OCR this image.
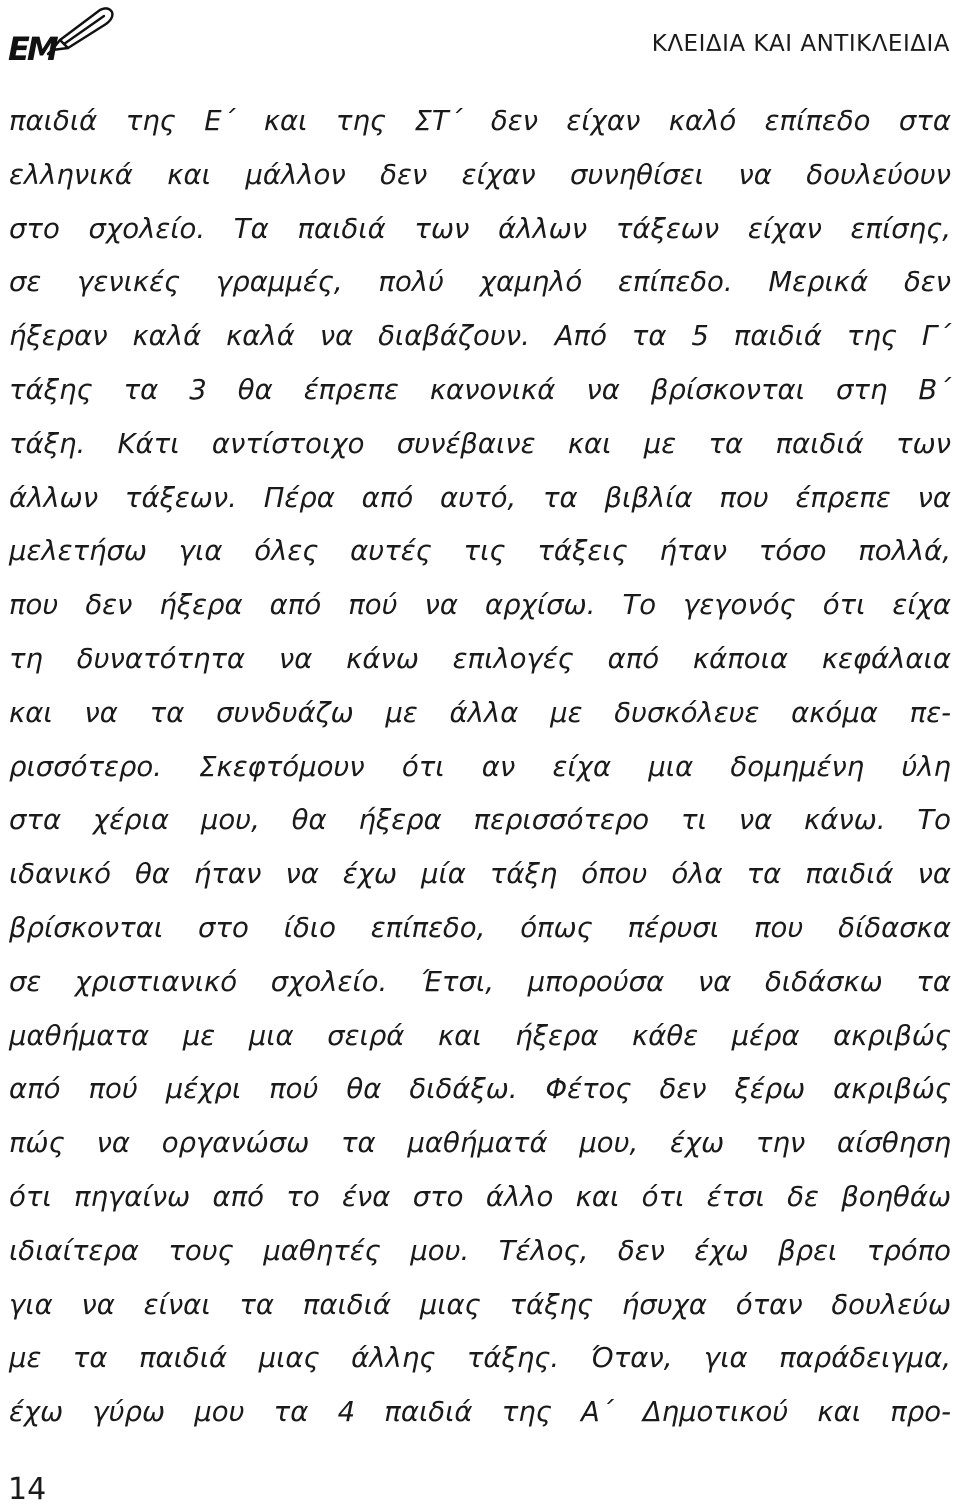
EM	ΚΛΕΙΔΙΑ ΚΑΙ ΑΝΤΙΚΛΕΙΔΙΑ
παιδιά της Ε΄ και της ΣΤ΄ δεν είχαν καλό επίπεδο στα
ελληνικά και μάλλον δεν είχαν συνηθίσει να δουλεύουν
στο σχολείο. Τα παιδιά των άλλων τάξεων είχαν επίσης,
σε γενικές γραμμές, πολύ χαμηλό επίπεδο. Μερικά δεν
ήξεραν καλά καλά να διαβάζουν. Από τα 5 παιδιά της Γ΄
τάξης τα 3 θα έπρεπε κανονικά να βρίσκονται στη Β΄
τάξη. Κάτι αντίστοιχο συνέβαινε και με τα παιδιά των
άλλων τάξεων. Πέρα από αυτό, τα βιβλία που έπρεπε να
μελετήσω για όλες αυτές τις τάξεις ήταν τόσο πολλά,
που δεν ήξερα από πού να αρχίσω. Το γεγονός ότι είχα
τη δυνατότητα να κάνω επιλογές από κάποια κεφάλαια
και να τα συνδυάζω με άλλα με δυσκόλευε ακόμα πε-
ρισσότερο. Σκεφτόμουν ότι αν είχα μια δομημένη ύλη
στα χέρια μου, θα ήξερα περισσότερο τι να κάνω. Το
ιδανικό θα ήταν να έχω μία τάξη όπου όλα τα παιδιά να
βρίσκονται στο ίδιο επίπεδο, όπως πέρυσι που δίδασκα
σε χριστιανικό σχολείο. Έτσι, μπορούσα να διδάσκω τα
μαθήματα με μια σειρά και ήξερα κάθε μέρα ακριβώς
από πού μέχρι πού θα διδάξω. Φέτος δεν ξέρω ακριβώς
πώς να οργανώσω τα μαθήματά μου, έχω την αίσθηση
ότι πηγαίνω από το ένα στο άλλο και ότι έτσι δε βοηθάω
ιδιαίτερα τους μαθητές μου. Τέλος, δεν έχω βρει τρόπο
για να είναι τα παιδιά μιας τάξης ήσυχα όταν δουλεύω
με τα παιδιά μιας άλλης τάξης. Όταν, για παράδειγμα,
έχω γύρω μου τα 4 παιδιά της Α΄ Δημοτικού και προ-
14
